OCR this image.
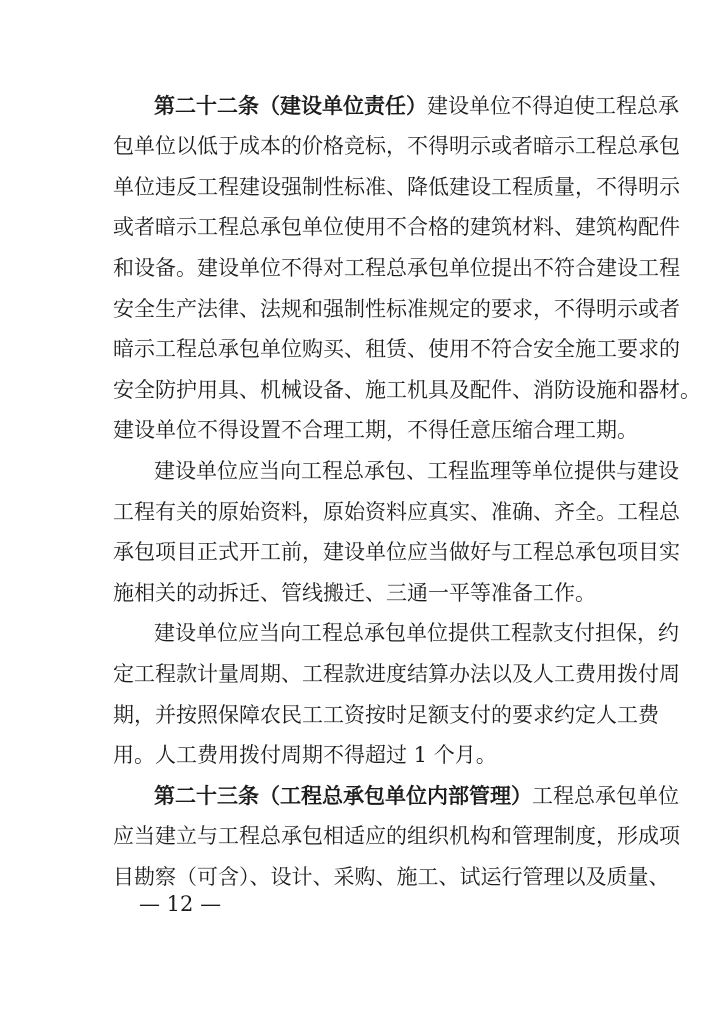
第二十二条（建设单位责任）建设单位不得迫使工程总承
包单位以低于成本的价格竞标，不得明示或者暗示工程总承包
单位违反工程建设强制性标准、降低建设工程质量，不得明示
或者暗示工程总承包单位使用不合格的建筑材料、建筑构配件
和设备。建设单位不得对工程总承包单位提出不符合建设工程
安全生产法律、法规和强制性标准规定的要求，不得明示或者
暗示工程总承包单位购买、租赁、使用不符合安全施工要求的
安全防护用具、机械设备、施工机具及配件、消防设施和器材。
建设单位不得设置不合理工期，不得任意压缩合理工期。
建设单位应当向工程总承包、工程监理等单位提供与建设
工程有关的原始资料，原始资料应真实、准确、齐全。工程总
承包项目正式开工前，建设单位应当做好与工程总承包项目实
施相关的动拆迁、管线搬迁、三通一平等准备工作。
建设单位应当向工程总承包单位提供工程款支付担保，约
定工程款计量周期、工程款进度结算办法以及人工费用拨付周
期，并按照保障农民工工资按时足额支付的要求约定人工费
用。人工费用拨付周期不得超过 1 个月。
第二十三条（工程总承包单位内部管理）工程总承包单位
应当建立与工程总承包相适应的组织机构和管理制度，形成项
目勘察（可含）、设计、采购、施工、试运行管理以及质量、
— 12 —
